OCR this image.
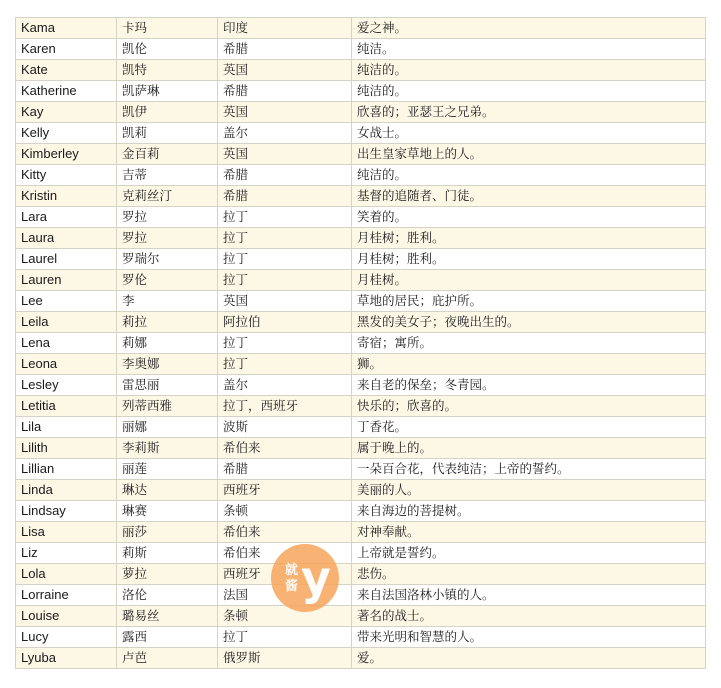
Kama	卡玛	印度	爱之神。
Karen	凯伦	希腊	纯洁。
Kate	凯特	英国	纯洁的。
Katherine	凯萨琳	希腊	纯洁的。
Kay	凯伊	英国	欣喜的；亚瑟王之兄弟。
Kelly	凯莉	盖尔	女战士。
Kimberley	金百莉	英国	出生皇家草地上的人。
Kitty	吉蒂	希腊	纯洁的。
Kristin	克莉丝汀	希腊	基督的追随者、门徒。
Lara	罗拉	拉丁	笑着的。
Laura	罗拉	拉丁	月桂树；胜利。
Laurel	罗瑞尔	拉丁	月桂树；胜利。
Lauren	罗伦	拉丁	月桂树。
Lee	李	英国	草地的居民；庇护所。
Leila	莉拉	阿拉伯	黑发的美女子；夜晚出生的。
Lena	莉娜	拉丁	寄宿；寓所。
Leona	李奥娜	拉丁	狮。
Lesley	雷思丽	盖尔	来自老的保垒；冬青园。
Letitia	列蒂西雅	拉丁，西班牙	快乐的；欣喜的。
Lila	丽娜	波斯	丁香花。
Lilith	李莉斯	希伯来	属于晚上的。
Lillian	丽莲	希腊	一朵百合花，代表纯洁；上帝的誓约。
Linda	琳达	西班牙	美丽的人。
Lindsay	琳赛	条顿	来自海边的菩提树。
Lisa	丽莎	希伯来	对神奉献。
Liz	莉斯	希伯来	上帝就是誓约。
Lola	萝拉	西班牙	悲伤。
Lorraine	洛伦	法国	来自法国洛林小镇的人。
Louise	璐易丝	条顿	著名的战士。
Lucy	露西	拉丁	带来光明和智慧的人。
Lyuba	卢芭	俄罗斯	爱。
就
酱 y
